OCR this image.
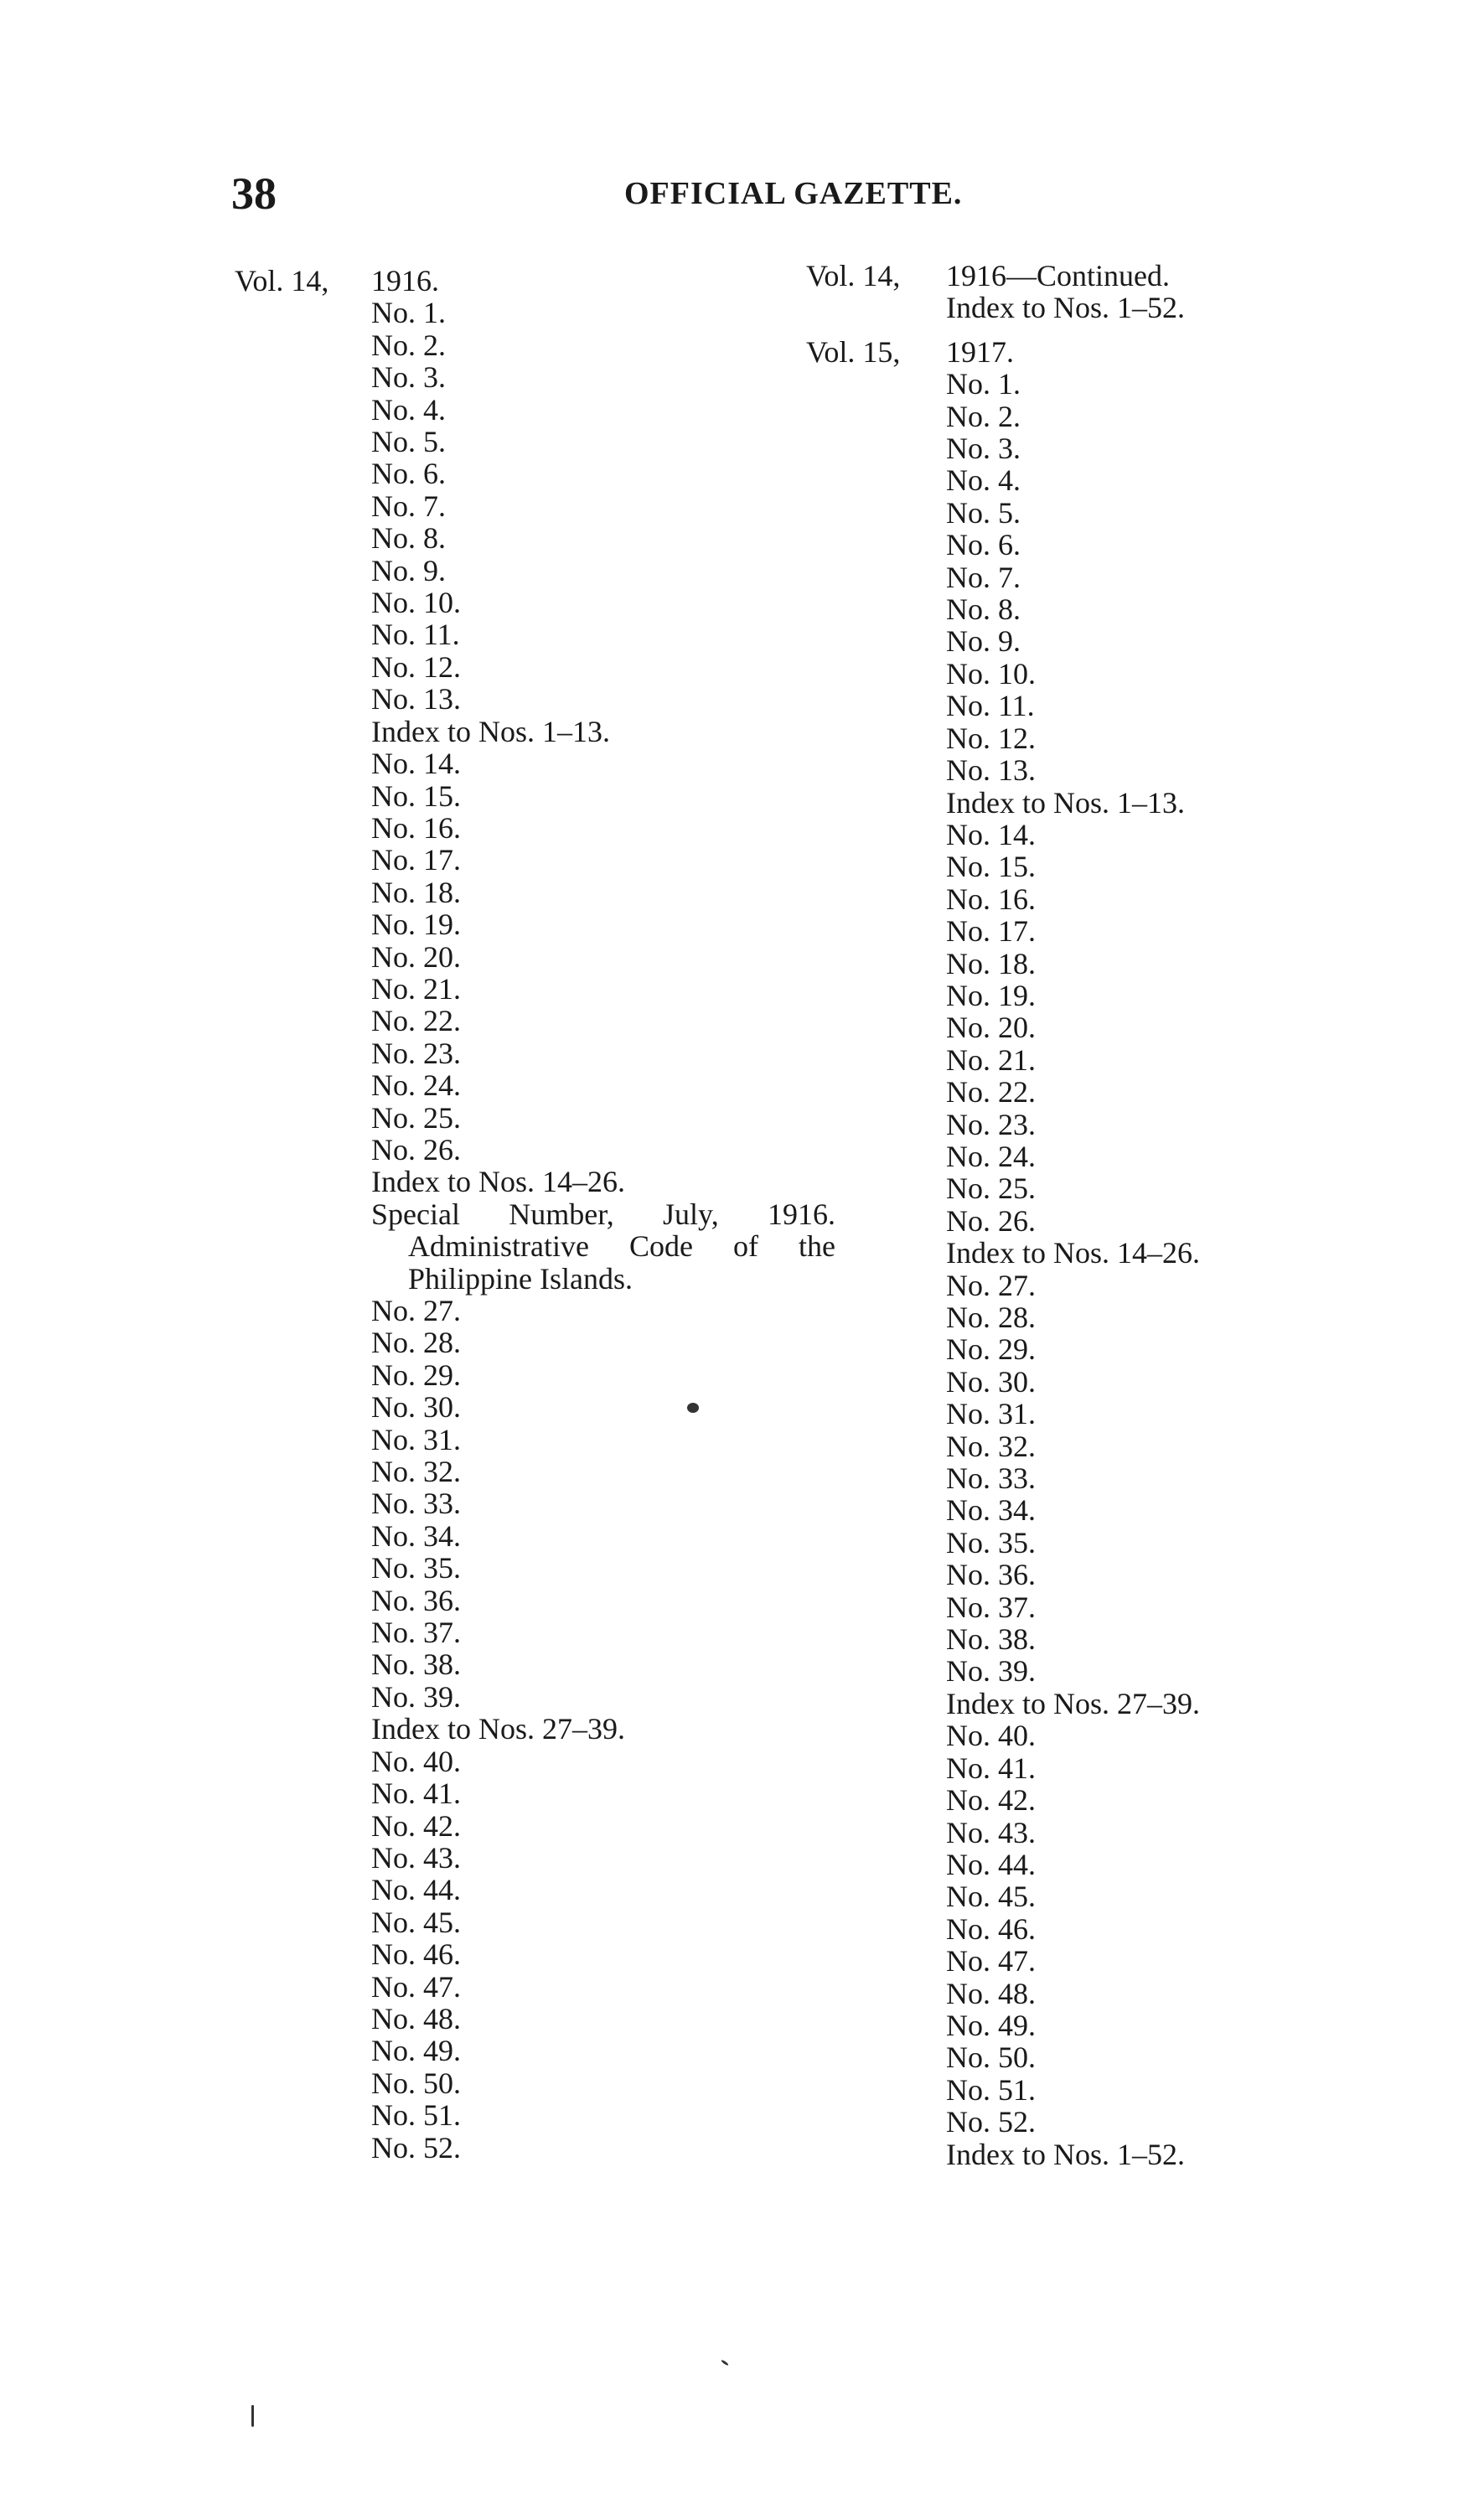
38	OFFICIAL GAZETTE.
Vol. 14,	1916.
No. 1.
No. 2.
No. 3.
No. 4.
No. 5.
No. 6.
No. 7.
No. 8.
No. 9.
No. 10.
No. 11.
No. 12.
No. 13.
Index to Nos. 1–13.
No. 14.
No. 15.
No. 16.
No. 17.
No. 18.
No. 19.
No. 20.
No. 21.
No. 22.
No. 23.
No. 24.
No. 25.
No. 26.
Index to Nos. 14–26.
Special Number, July, 1916. Administrative Code of the Philippine Islands.
No. 27.
No. 28.
No. 29.
No. 30.
No. 31.
No. 32.
No. 33.
No. 34.
No. 35.
No. 36.
No. 37.
No. 38.
No. 39.
Index to Nos. 27–39.
No. 40.
No. 41.
No. 42.
No. 43.
No. 44.
No. 45.
No. 46.
No. 47.
No. 48.
No. 49.
No. 50.
No. 51.
No. 52.
Vol. 14,	1916—Continued.
Index to Nos. 1–52.
Vol. 15,	1917.
No. 1.
No. 2.
No. 3.
No. 4.
No. 5.
No. 6.
No. 7.
No. 8.
No. 9.
No. 10.
No. 11.
No. 12.
No. 13.
Index to Nos. 1–13.
No. 14.
No. 15.
No. 16.
No. 17.
No. 18.
No. 19.
No. 20.
No. 21.
No. 22.
No. 23.
No. 24.
No. 25.
No. 26.
Index to Nos. 14–26.
No. 27.
No. 28.
No. 29.
No. 30.
No. 31.
No. 32.
No. 33.
No. 34.
No. 35.
No. 36.
No. 37.
No. 38.
No. 39.
Index to Nos. 27–39.
No. 40.
No. 41.
No. 42.
No. 43.
No. 44.
No. 45.
No. 46.
No. 47.
No. 48.
No. 49.
No. 50.
No. 51.
No. 52.
Index to Nos. 1–52.
